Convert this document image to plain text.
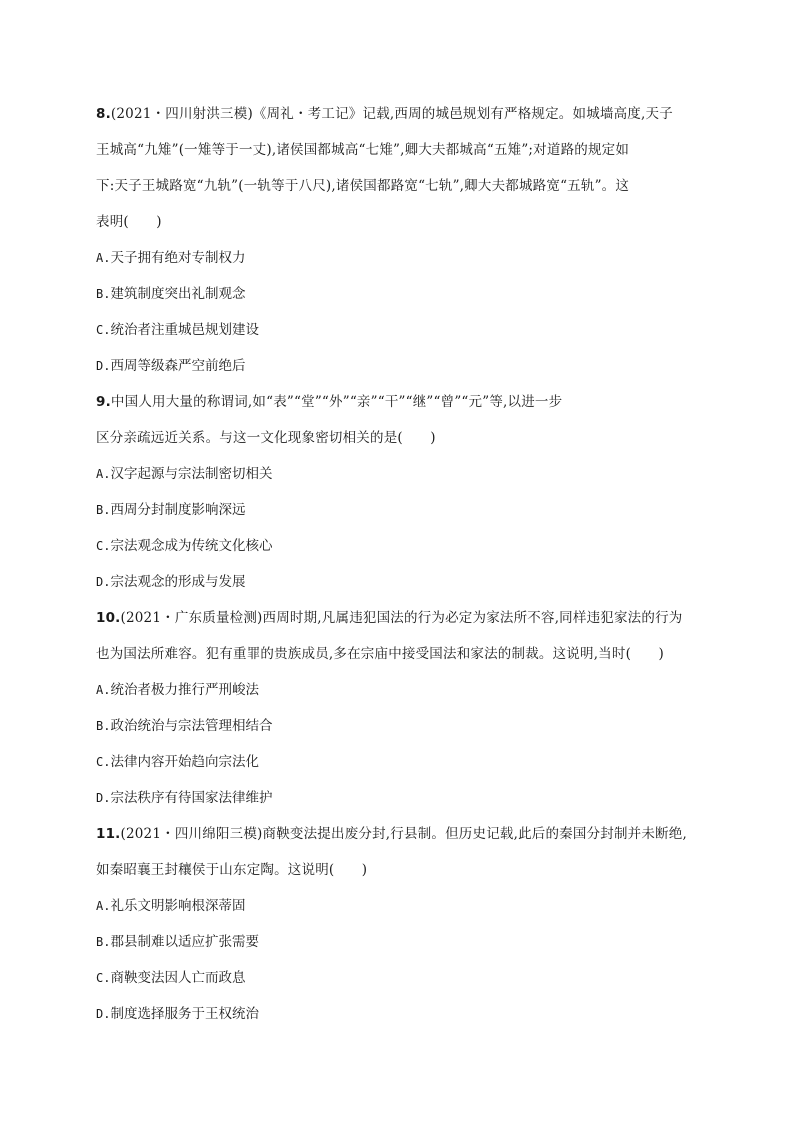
8.(2021・四川射洪三模)《周礼・考工记》记载,西周的城邑规划有严格规定。如城墙高度,天子
王城高“九雉”(一雉等于一丈),诸侯国都城高“七雉”,卿大夫都城高“五雉”;对道路的规定如
下:天子王城路宽“九轨”(一轨等于八尺),诸侯国都路宽“七轨”,卿大夫都城路宽“五轨”。这
表明(　　)
A.天子拥有绝对专制权力
B.建筑制度突出礼制观念
C.统治者注重城邑规划建设
D.西周等级森严空前绝后
9.中国人用大量的称谓词,如“表”“堂”“外”“亲”“干”“继”“曾”“元”等,以进一步
区分亲疏远近关系。与这一文化现象密切相关的是(　　)
A.汉字起源与宗法制密切相关
B.西周分封制度影响深远
C.宗法观念成为传统文化核心
D.宗法观念的形成与发展
10.(2021・广东质量检测)西周时期,凡属违犯国法的行为必定为家法所不容,同样违犯家法的行为
也为国法所难容。犯有重罪的贵族成员,多在宗庙中接受国法和家法的制裁。这说明,当时(　　)
A.统治者极力推行严刑峻法
B.政治统治与宗法管理相结合
C.法律内容开始趋向宗法化
D.宗法秩序有待国家法律维护
11.(2021・四川绵阳三模)商鞅变法提出废分封,行县制。但历史记载,此后的秦国分封制并未断绝,
如秦昭襄王封穰侯于山东定陶。这说明(　　)
A.礼乐文明影响根深蒂固
B.郡县制难以适应扩张需要
C.商鞅变法因人亡而政息
D.制度选择服务于王权统治
